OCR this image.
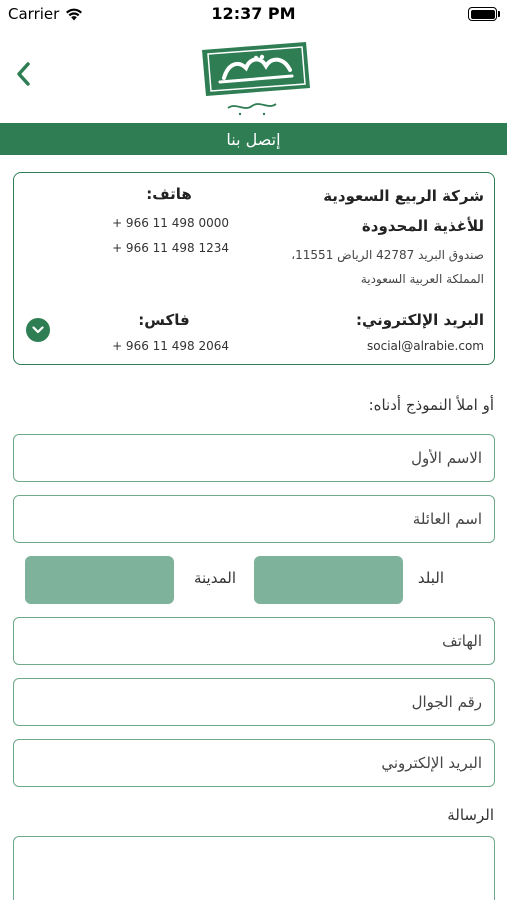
Carrier	12:37 PM
إتصل بنا
شركة الربيع السعودية
للأغذية المحدودة
صندوق البريد 42787 الرياض 11551،
المملكة العربية السعودية
هاتف:
+ 966 11 498 0000
+ 966 11 498 1234
البريد الإلكتروني:
social@alrabie.com
فاكس:
+ 966 11 498 2064
أو املأ النموذج أدناه:
الاسم الأول
اسم العائلة
البلد
المدينة
الهاتف
رقم الجوال
البريد الإلكتروني
الرسالة
